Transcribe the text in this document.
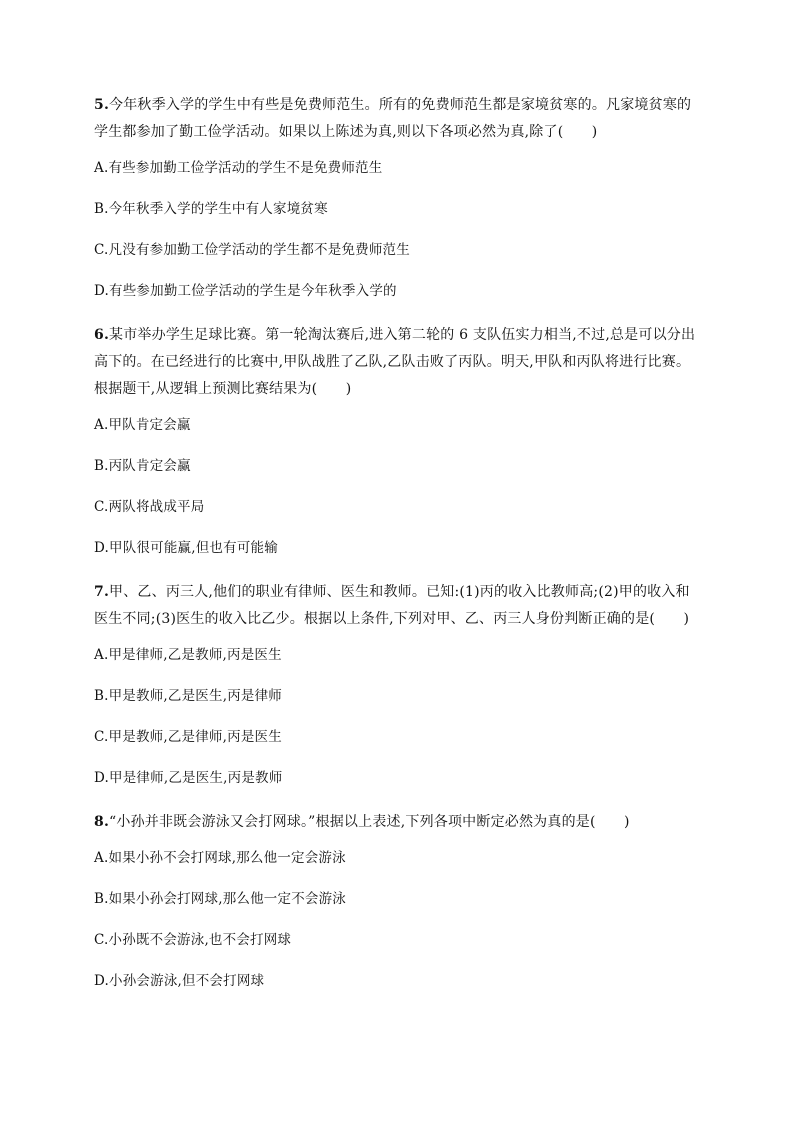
5.今年秋季入学的学生中有些是免费师范生。所有的免费师范生都是家境贫寒的。凡家境贫寒的学生都参加了勤工俭学活动。如果以上陈述为真,则以下各项必然为真,除了(　　)

A.有些参加勤工俭学活动的学生不是免费师范生

B.今年秋季入学的学生中有人家境贫寒

C.凡没有参加勤工俭学活动的学生都不是免费师范生

D.有些参加勤工俭学活动的学生是今年秋季入学的

6.某市举办学生足球比赛。第一轮淘汰赛后,进入第二轮的 6 支队伍实力相当,不过,总是可以分出高下的。在已经进行的比赛中,甲队战胜了乙队,乙队击败了丙队。明天,甲队和丙队将进行比赛。根据题干,从逻辑上预测比赛结果为(　　)

A.甲队肯定会赢

B.丙队肯定会赢

C.两队将战成平局

D.甲队很可能赢,但也有可能输

7.甲、乙、丙三人,他们的职业有律师、医生和教师。已知:(1)丙的收入比教师高;(2)甲的收入和医生不同;(3)医生的收入比乙少。根据以上条件,下列对甲、乙、丙三人身份判断正确的是(　　)

A.甲是律师,乙是教师,丙是医生

B.甲是教师,乙是医生,丙是律师

C.甲是教师,乙是律师,丙是医生

D.甲是律师,乙是医生,丙是教师

8.“小孙并非既会游泳又会打网球。”根据以上表述,下列各项中断定必然为真的是(　　)

A.如果小孙不会打网球,那么他一定会游泳

B.如果小孙会打网球,那么他一定不会游泳

C.小孙既不会游泳,也不会打网球

D.小孙会游泳,但不会打网球
